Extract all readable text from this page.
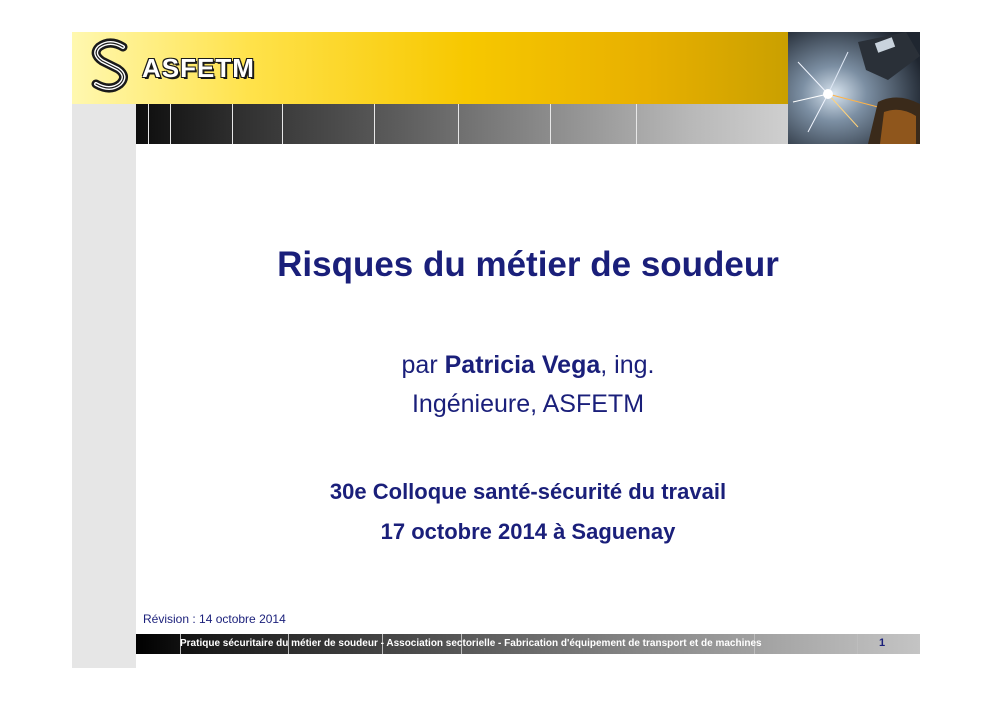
ASFETM
Risques du métier de soudeur
par Patricia Vega, ing.
Ingénieure, ASFETM
30e Colloque santé-sécurité du travail
17 octobre 2014 à Saguenay
Révision : 14 octobre 2014
Pratique sécuritaire du métier de soudeur - Association sectorielle - Fabrication d'équipement de transport et de machines	1
